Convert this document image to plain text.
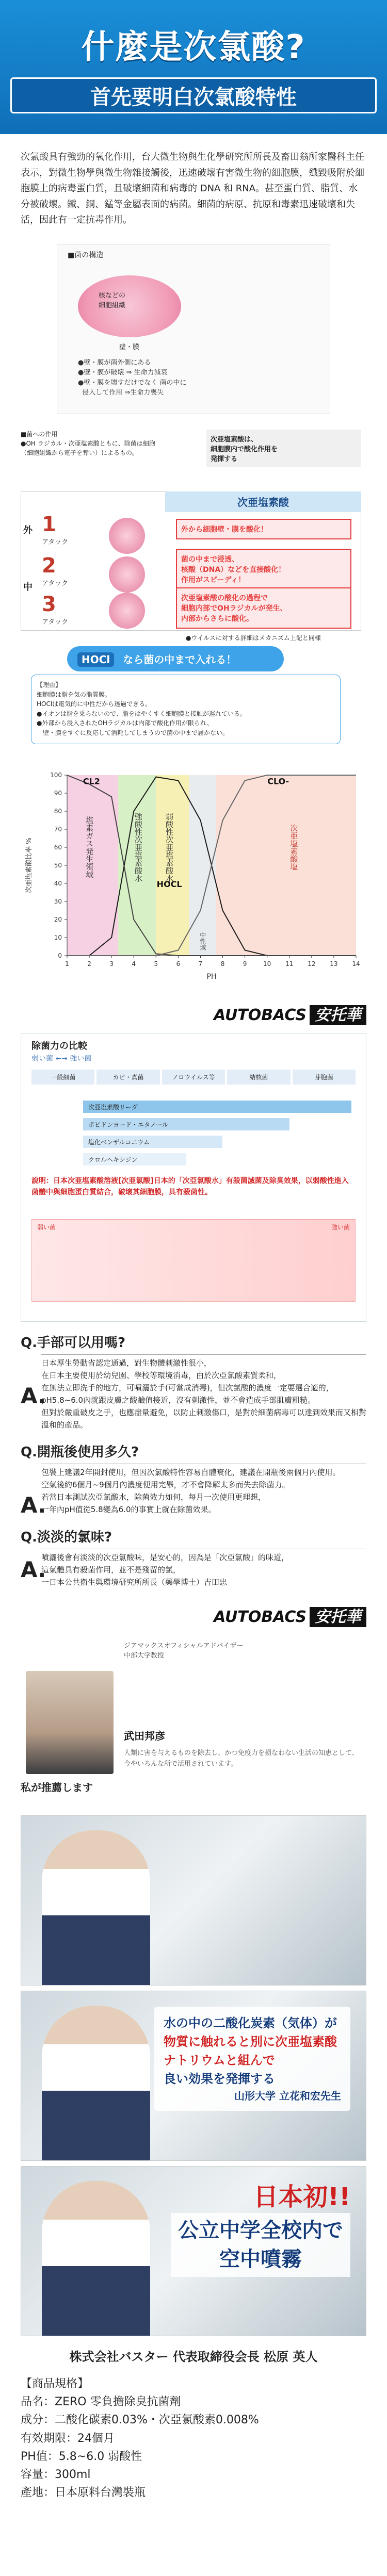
什麼是次氯酸?
首先要明白次氯酸特性

次氯酸具有強勁的氧化作用，台大微生物與生化學研究所所長及畜田翁所家醫科主任表示，對微生物學與微生物雜接觸後，迅速破壞有害微生物的細胞膜，殲毀吸附於細胞膜上的病毒蛋白質，且破壞細菌和病毒的 DNA 和 RNA。甚至蛋白質、脂質、水分被破壞。鐵、銅、錳等金屬表面的病菌。細菌的病原、抗原和毒素迅速破壞和失活，因此有一定抗毒作用。

■菌の構造
核などの
細胞組織
壁・膜
●壁・膜が菌外側にある
●壁・膜が破壊 ⇒ 生命力減衰
●壁・膜を壊すだけでなく 菌の中に
侵入して作用 ⇒生命力喪失
■菌への作用
●OH ラジカル・次亜塩素酸ともに、除菌は細胞（細胞組織から電子を奪い）によるもの。
次亜塩素酸は、
細胞膜内で酸化作用を
発揮する
次亜塩素酸
外
中
1
アタック
2
アタック
3
アタック
外から細胞壁・膜を酸化！
菌の中まで浸透、
核酸（DNA）などを直接酸化！
作用がスピーディ！
次亜塩素酸の酸化の過程で
細胞内部でOHラジカルが発生、
内部からさらに酸化。
●ウイルスに対する詳細はメカニズム上記と同様
HOCl なら菌の中まで入れる！
【理由】
細胞膜は脂を気の脂質膜。
HOClは電気的に中性だから透過できる。
●イオンは脂を乗らないので、脂をはやくすく細胞膜と接触が遅れている。
●外部から浸入されたOHラジカルは内部で酸化作用が限られ、
　壁・膜をすぐに反応して消耗してしまうので菌の中まで届かない。
0
10
20
30
40
50
60
70
80
90
100
1	2	3	4	5	6	7	8	9	10 11 12 13 14
PH
次亜塩素酸比率 %	HOCL
CL2	CLO-
塩素ガス発生領域	強酸性次亜塩素酸水	弱酸性次亜塩素酸水
中性域
次亜塩素酸塩
AUTOBACS 安托華
除菌力の比較
弱い菌 ←→ 強い菌
一般細菌	カビ・真菌	ノロウイルス等	結核菌	芽胞菌
次亜塩素酸リーダ
ポビドンヨード・エタノール
塩化ベンザルコニウム
クロルヘキシジン
說明：日本次亜塩素酸溶液[次亜氯酸]日本的「次亞氯酸水」有殺菌滅菌及除臭效果，以弱酸性進入菌體中與細胞蛋白質結合，破壞其細胞膜，具有殺菌性。
弱い菌	強い菌
Q.手部可以用嗎?
A.
日本厚生勞動省認定通過，對生物體刺激性很小，
在日本主要使用於幼兒園、學校等環境消毒，由於次亞氯酸素質柔和，
在無法立即洗手的地方，可噴灑於手(可當成消毒)，但次氯酸的濃度一定要選合適的，
pH5.8~6.0內就跟皮膚之酸鹼值接近，沒有刺激性，並不會造成手部肌膚粗糙。
但對於嚴重破皮之手，也應盡量避免，以防止刺激傷口，是對於細菌病毒可以達到效果而又相對溫和的產品。
Q.開瓶後使用多久?
A.
包裝上建議2年開封使用，但因次氯酸特性容易自體衰化，建議在開瓶後兩個月內使用。
空氣後約6個月~9個月內濃度便用完畢，才不會降解太多而失去除菌力。
若當日本測試次亞氯酸水，除菌效力如何，每月一次使用更理想，
一年內pH值從5.8變為6.0的事實上就在除菌效果。
Q.淡淡的氯味?
A.
噴灑後會有淡淡的次亞氯酸味，是安心的，因為是「次亞氯酸」的味道，
這氣體具有殺菌作用，並不是殘留的氯，
一日本公共衛生與環境研究所所長（藥學博士）吉田忠
AUTOBACS 安托華
ジアマックスオフィシャルアドバイザー
中部大学教授
武田邦彦
人類に害を与えるものを除去し、かつ免疫力を損なわない生活の知恵として、今やいろんな所で活用されています。
私が推薦します
水の中の二酸化炭素（気体）が
物質に触れると別に次亜塩素酸ナトリウムと組んで
良い効果を発揮する
山形大学 立花和宏先生
日本初!!
公立中学全校内で
空中噴霧
株式会社バスター 代表取締役会長 松原 英人
【商品規格】
品名：ZERO 零負擔除臭抗菌劑
成分：二酸化碳素0.03%・次亞氯酸素0.008%
有效期限：24個月
PH值：5.8~6.0 弱酸性
容量：300ml
產地：日本原料台灣裝瓶
